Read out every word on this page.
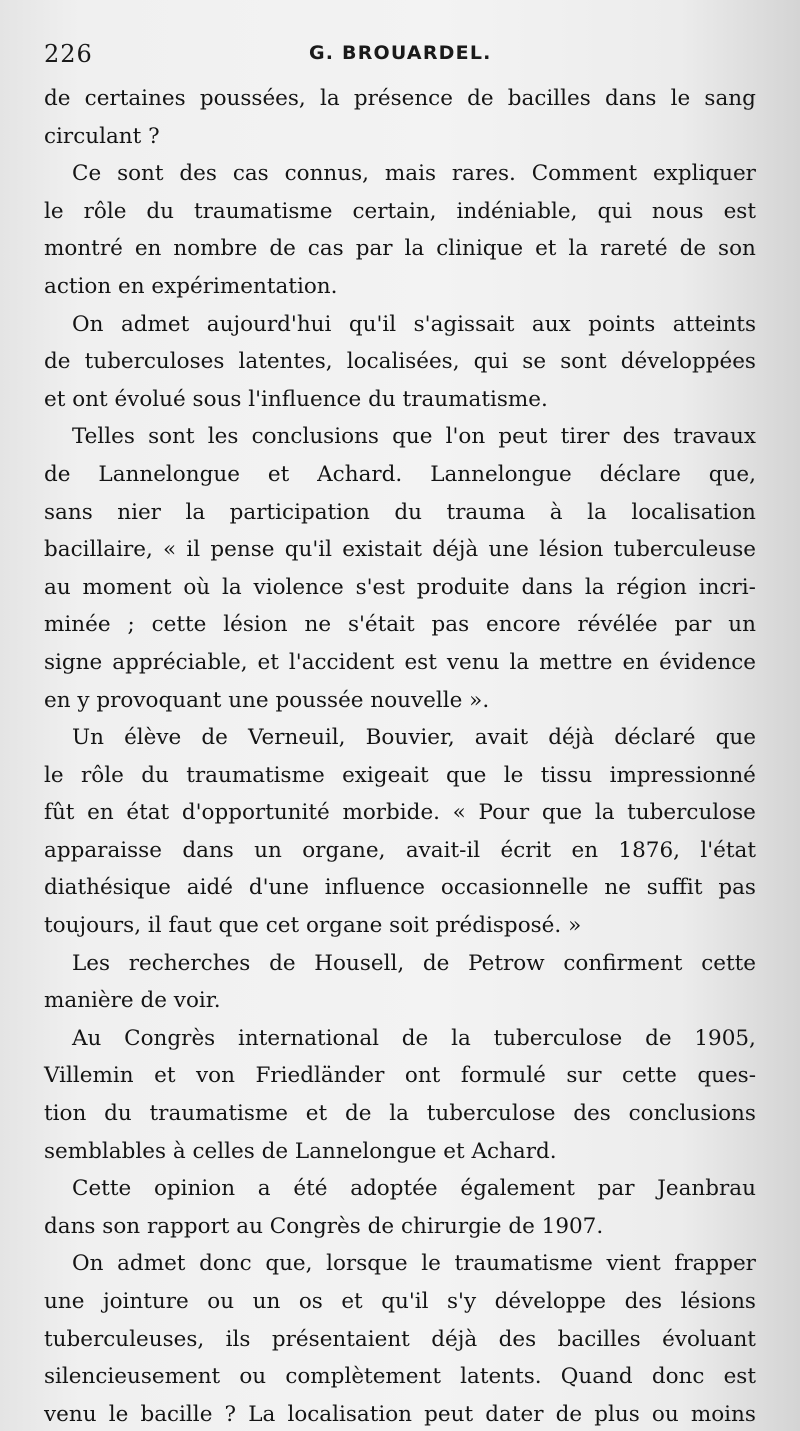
226	G. BROUARDEL.
de certaines poussées, la présence de bacilles dans le sang
circulant ?
Ce sont des cas connus, mais rares. Comment expliquer
le rôle du traumatisme certain, indéniable, qui nous est
montré en nombre de cas par la clinique et la rareté de son
action en expérimentation.
On admet aujourd'hui qu'il s'agissait aux points atteints
de tuberculoses latentes, localisées, qui se sont développées
et ont évolué sous l'influence du traumatisme.
Telles sont les conclusions que l'on peut tirer des travaux
de Lannelongue et Achard. Lannelongue déclare que,
sans nier la participation du trauma à la localisation
bacillaire, « il pense qu'il existait déjà une lésion tuberculeuse
au moment où la violence s'est produite dans la région incri-
minée ; cette lésion ne s'était pas encore révélée par un
signe appréciable, et l'accident est venu la mettre en évidence
en y provoquant une poussée nouvelle ».
Un élève de Verneuil, Bouvier, avait déjà déclaré que
le rôle du traumatisme exigeait que le tissu impressionné
fût en état d'opportunité morbide. « Pour que la tuberculose
apparaisse dans un organe, avait-il écrit en 1876, l'état
diathésique aidé d'une influence occasionnelle ne suffit pas
toujours, il faut que cet organe soit prédisposé. »
Les recherches de Housell, de Petrow confirment cette
manière de voir.
Au Congrès international de la tuberculose de 1905,
Villemin et von Friedländer ont formulé sur cette ques-
tion du traumatisme et de la tuberculose des conclusions
semblables à celles de Lannelongue et Achard.
Cette opinion a été adoptée également par Jeanbrau
dans son rapport au Congrès de chirurgie de 1907.
On admet donc que, lorsque le traumatisme vient frapper
une jointure ou un os et qu'il s'y développe des lésions
tuberculeuses, ils présentaient déjà des bacilles évoluant
silencieusement ou complètement latents. Quand donc est
venu le bacille ? La localisation peut dater de plus ou moins
